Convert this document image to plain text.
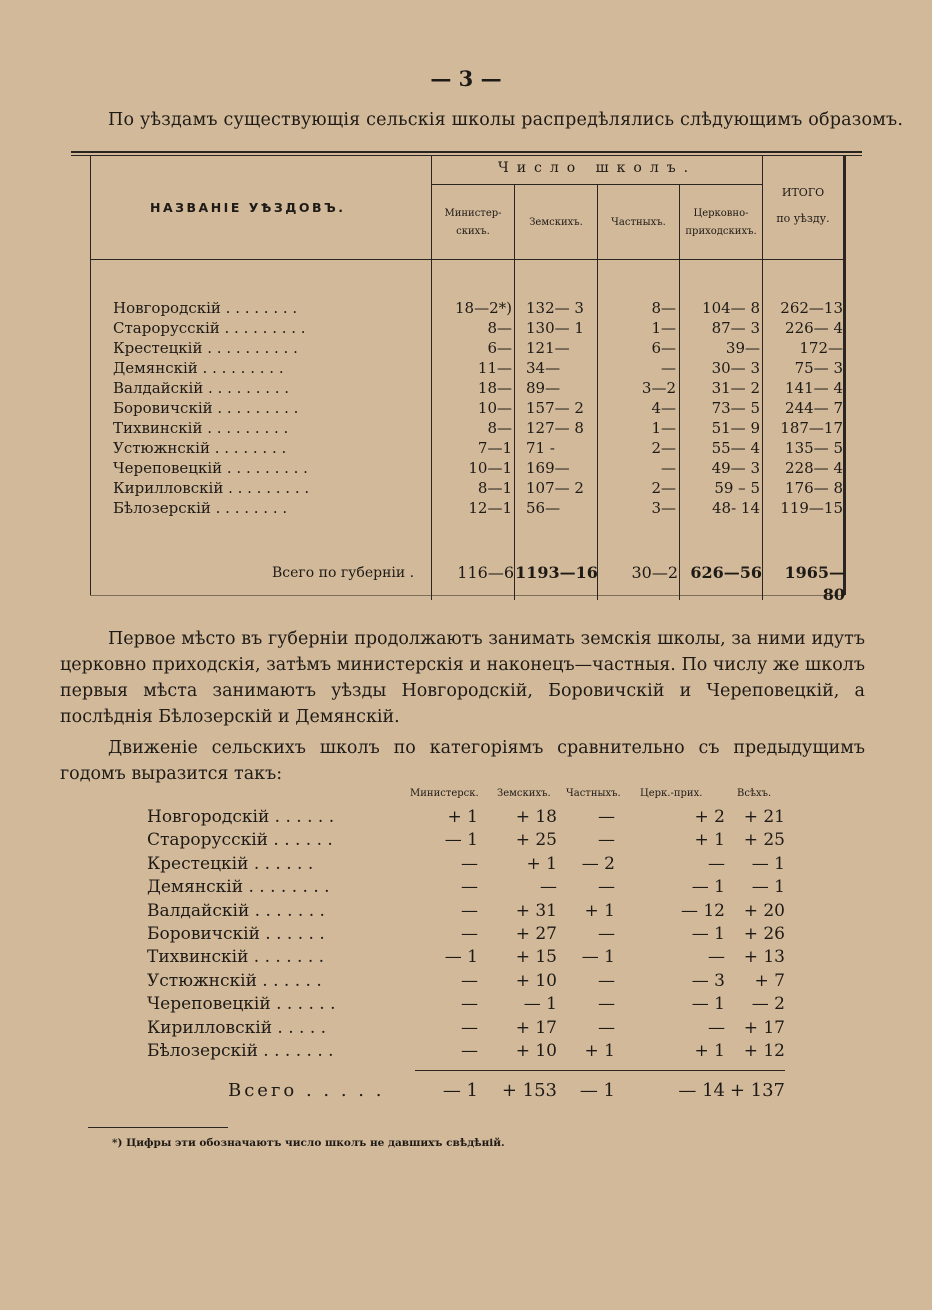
— 3 —
По уѣздамъ существующія сельскія школы распредѣлялись слѣдующимъ образомъ.
НАЗВАНІЕ УѢЗДОВЪ.
Число школъ.
Министер-
скихъ.
Земскихъ.	Частныхъ.
Церковно-
приходскихъ.
ИТОГО
по уѣзду.
Новгородскій . . . . . . . .	18—2*) 132— 3	8—	104— 8	262—13
Старорусскій . . . . . . . . .	8— 130— 1	1—	87— 3	226— 4
Крестецкій . . . . . . . . . .	6— 121—	6—	39—	172—
Демянскій . . . . . . . . .	11— 34—	—	30— 3	75— 3
Валдайскій . . . . . . . . .	18— 89—	3—2	31— 2	141— 4
Боровичскій . . . . . . . . .	10— 157— 2	4—	73— 5	244— 7
Тихвинскій . . . . . . . . .	8— 127— 8	1—	51— 9	187—17
Устюжнскій . . . . . . . .	7—1 71 -	2—	55— 4	135— 5
Череповецкій . . . . . . . . .	10—1 169—	—	49— 3	228— 4
Кирилловскій . . . . . . . . .	8—1 107— 2	2—	59 – 5	176— 8
Бѣлозерскій . . . . . . . .	12—1 56—	3—	48- 14	119—15
Всего по губерніи .	116—6 1193—16	30—2 626—56	1965—80

Первое мѣсто въ губерніи продолжаютъ занимать земскія школы, за ними идутъ церковно приходскія, затѣмъ министерскія и наконецъ—частныя. По числу же школъ первыя мѣста занимаютъ уѣзды Новгородскій, Боровичскій и Череповецкій, а послѣднія Бѣлозерскій и Демянскій.

Движеніе сельскихъ школъ по категоріямъ сравнительно съ предыдущимъ годомъ выразится такъ:

Министерск. Земскихъ. Частныхъ. Церк.-прих.	Всѣхъ.
Новгородскій . . . . . .	+ 1	+ 18	—	+ 2	+ 21
Старорусскій . . . . . .	— 1	+ 25	—	+ 1	+ 25
Крестецкій . . . . . .	—	+ 1	— 2	—	— 1
Демянскій . . . . . . . .	—	—	—	— 1	— 1
Валдайскій . . . . . . .	—	+ 31	+ 1	— 12	+ 20
Боровичскій . . . . . .	—	+ 27	—	— 1	+ 26
Тихвинскій . . . . . . .	— 1	+ 15	— 1	—	+ 13
Устюжнскій . . . . . .	—	+ 10	—	— 3	+ 7
Череповецкій . . . . . .	—	— 1	—	— 1	— 2
Кирилловскій . . . . .	—	+ 17	—	—	+ 17
Бѣлозерскій . . . . . . .	—	+ 10	+ 1	+ 1	+ 12
Всего . . . . .	— 1	+ 153	— 1	— 14 + 137
*) Цифры эти обозначаютъ число школъ не давшихъ свѣдѣній.
